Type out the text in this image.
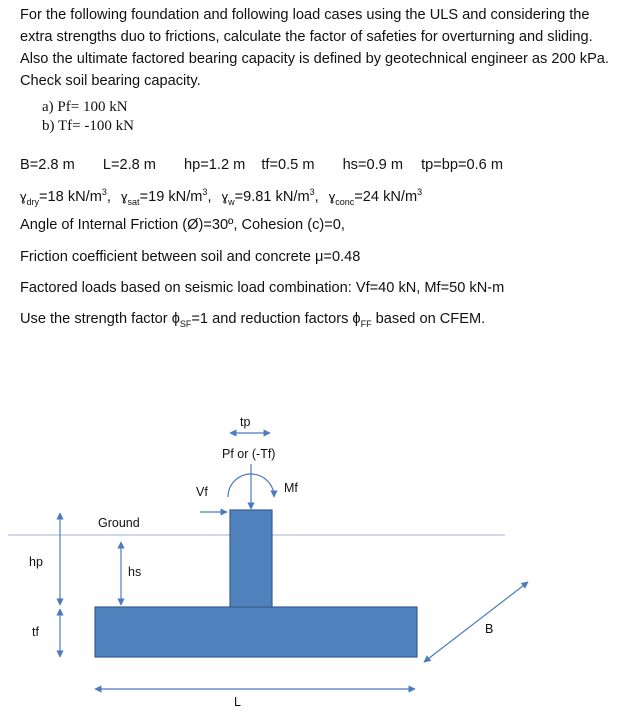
For the following foundation and following load cases using the ULS and considering the extra strengths duo to frictions, calculate the factor of safeties for overturning and sliding. Also the ultimate factored bearing capacity is defined by geotechnical engineer as 200 kPa. Check soil bearing capacity.
a) Pf= 100 kN
b) Tf= -100 kN
B=2.8 m L=2.8 m hp=1.2 m tf=0.5 m hs=0.9 m tp=bp=0.6 m
ɣ$_{dry}$=18 $kN/m^3$, ɣ$_{sat}$=19 $kN/m^3$, ɣ$_w$=9.81 $kN/m^3$, ɣ$_{conc}$=24 $kN/m^3$
Angle of Internal Friction (Ø)=30º, Cohesion (c)=0,
Friction coefficient between soil and concrete μ=0.48
Factored loads based on seismic load combination: Vf=40 kN, Mf=50 kN-m
Use the strength factor $\phi_{SF}=1$ and reduction factors $\phi_{FF}$ based on CFEM.
tp
Pf or (-Tf)
Mf
Vf
Ground
hs
hp
tf	B
L
